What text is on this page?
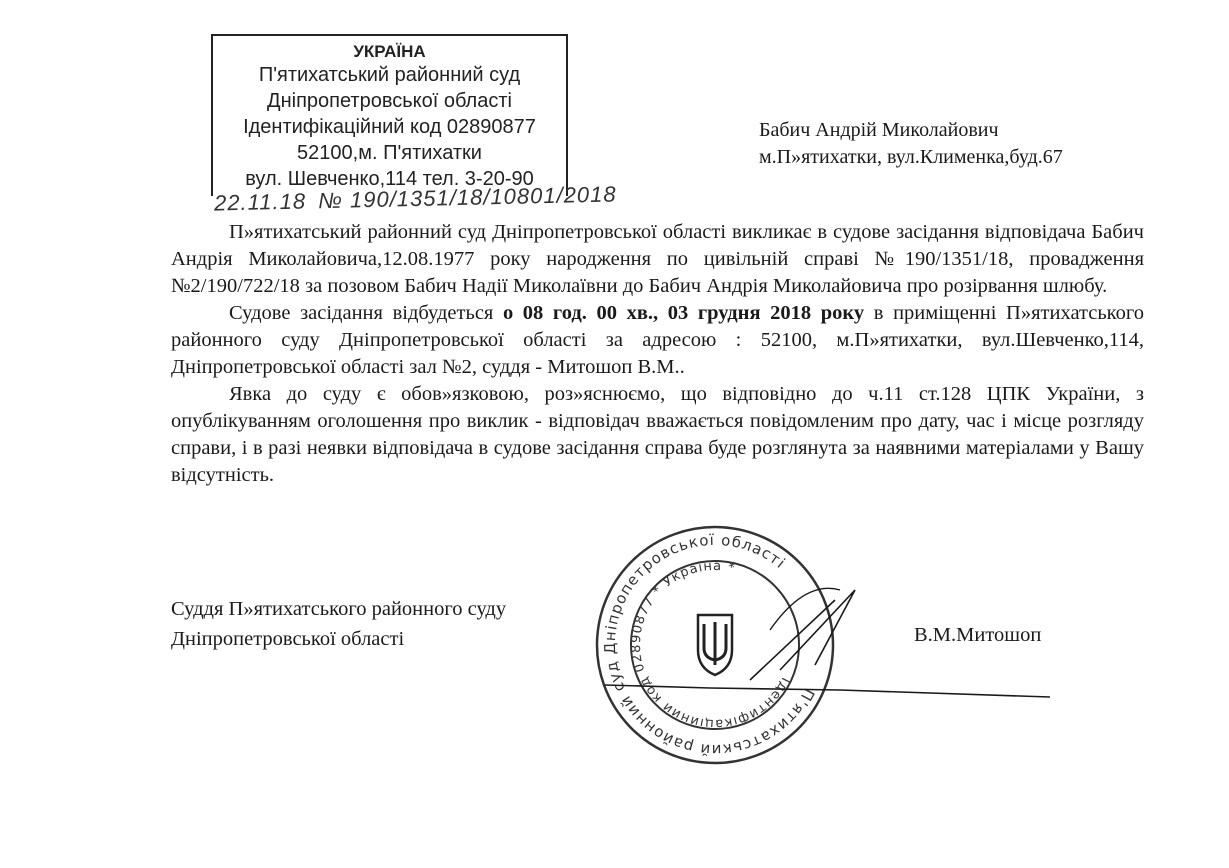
УКРАЇНА
П'ятихатський районний суд
Дніпропетровської області
Ідентифікаційний код 02890877
52100,м. П'ятихатки
вул. Шевченко,114 тел. 3-20-90
22.11.18 № 190/1351/18/10801/2018
Бабич Андрій Миколайович
м.П»ятихатки, вул.Клименка,буд.67

П»ятихатський районний суд Дніпропетровської області викликає в судове засідання відповідача Бабич Андрія Миколайовича,12.08.1977 року народження по цивільній справі №190/1351/18, провадження №2/190/722/18 за позовом Бабич Надії Миколаївни до Бабич Андрія Миколайовича про розірвання шлюбу.

Судове засідання відбудеться о 08 год. 00 хв., 03 грудня 2018 року в приміщенні П»ятихатського районного суду Дніпропетровської області за адресою : 52100, м.П»ятихатки, вул.Шевченко,114, Дніпропетровської області зал №2, суддя - Митошоп В.М..

Явка до суду є обов»язковою, роз»яснюємо, що відповідно до ч.11 ст.128 ЦПК України, з опублікуванням оголошення про виклик - відповідач вважається повідомленим про дату, час і місце розгляду справи, і в разі неявки відповідача в судове засідання справа буде розглянута за наявними матеріалами у Вашу відсутність.

П'ятихатський районний суд Дніпропетровської області
Ідентифікаційний код 02890877 * Україна *
Суддя П»ятихатського районного суду
Дніпропетровської області	В.М.Митошоп
